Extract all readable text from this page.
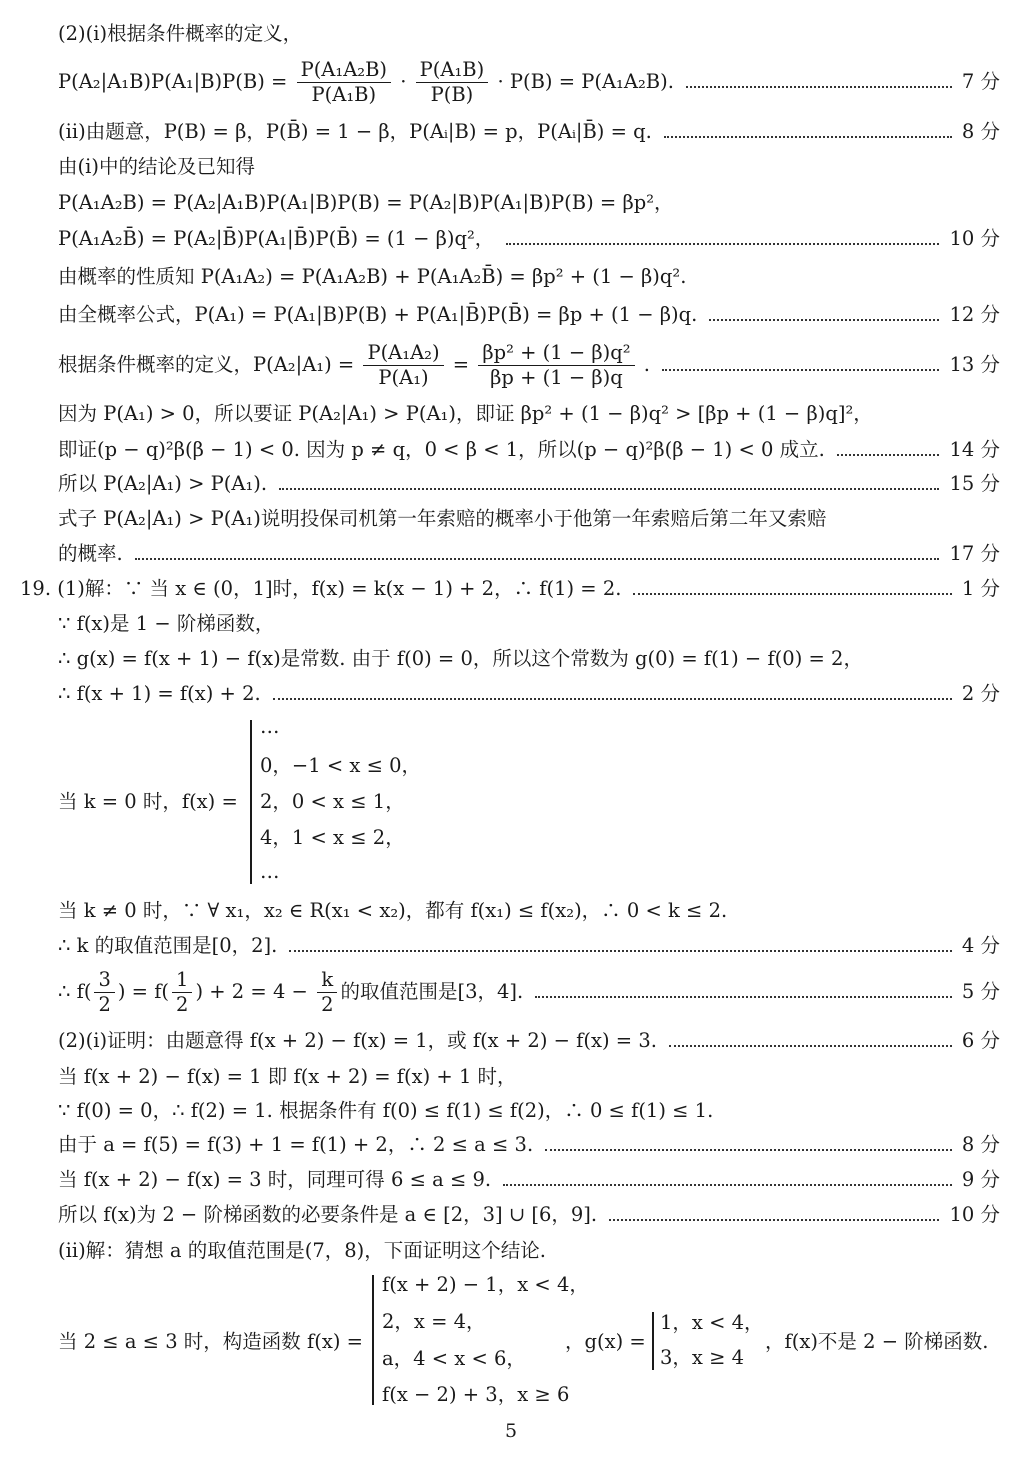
(2)(ⅰ)根据条件概率的定义，
$P(A_2|A_1B)P(A_1|B)P(B) = \frac{\text{P(A₁A₂B)}}{\text{P(A₁B)}} \cdot \frac{\text{P(A₁B)}}{P(B)} \cdot P(B) = P(A_1A_2B)$.	7 分
(ⅱ)由题意，P(B) = β，P(B̄) = 1 − β，P(Aᵢ|B) = p，P(Aᵢ|B̄) = q.	8 分
由(ⅰ)中的结论及已知得
P(A₁A₂B) = P(A₂|A₁B)P(A₁|B)P(B) = P(A₂|B)P(A₁|B)P(B) = βp²，
P(A₁A₂B̄) = P(A₂|B̄)P(A₁|B̄)P(B̄) = (1 − β)q²，	10 分
由概率的性质知 P(A₁A₂) = P(A₁A₂B) + P(A₁A₂B̄) = βp² + (1 − β)q².
由全概率公式，P(A₁) = P(A₁|B)P(B) + P(A₁|B̄)P(B̄) = βp + (1 − β)q.	12 分
根据条件概率的定义，$P(A_2|A_1) = \frac{\text{P(A₁A₂)}}{\text{P(A₁)}} = \frac{\text{βp² + (1 − β)q²}}{\beta p + (1 - \beta)q}$ .	13 分
因为 P(A₁) > 0，所以要证 P(A₂|A₁) > P(A₁)，即证 βp² + (1 − β)q² > [βp + (1 − β)q]²，
即证(p − q)²β(β − 1) < 0. 因为 p ≠ q，0 < β < 1，所以(p − q)²β(β − 1) < 0 成立.	14 分
所以 P(A₂|A₁) > P(A₁).	15 分
式子 P(A₂|A₁) > P(A₁)说明投保司机第一年索赔的概率小于他第一年索赔后第二年又索赔
的概率.	17 分
19. (1)解：∵ 当 x ∈ (0，1]时，f(x) = k(x − 1) + 2，∴ f(1) = 2.	1 分
∵ f(x)是 1 − 阶梯函数，
∴ g(x) = f(x + 1) − f(x)是常数. 由于 f(0) = 0，所以这个常数为 g(0) = f(1) − f(0) = 2，
∴ f(x + 1) = f(x) + 2.	2 分
当 k = 0 时，f(x) =
…
0，−1 < x ≤ 0，
2，0 < x ≤ 1，
4，1 < x ≤ 2，
…
当 k ≠ 0 时，∵ ∀ x₁，x₂ ∈ R(x₁ < x₂)，都有 f(x₁) ≤ f(x₂)，∴ 0 < k ≤ 2.
∴ k 的取值范围是[0，2].	4 分
∴ $f( \frac{3}{2}$ ) = $f( \frac{1}{2}$ ) + $2 = 4 - \frac{k}{2}$ 的取值范围是[3，4].	5 分
(2)(ⅰ)证明：由题意得 f(x + 2) − f(x) = 1，或 f(x + 2) − f(x) = 3.	6 分
当 f(x + 2) − f(x) = 1 即 f(x + 2) = f(x) + 1 时，
∵ f(0) = 0，∴ f(2) = 1. 根据条件有 f(0) ≤ f(1) ≤ f(2)，∴ 0 ≤ f(1) ≤ 1.
由于 a = f(5) = f(3) + 1 = f(1) + 2，∴ 2 ≤ a ≤ 3.	8 分
当 f(x + 2) − f(x) = 3 时，同理可得 6 ≤ a ≤ 9.	9 分
所以 f(x)为 2 − 阶梯函数的必要条件是 a ∈ [2，3] ∪ [6，9].	10 分
(ⅱ)解：猜想 a 的取值范围是(7，8)，下面证明这个结论.
当 2 ≤ a ≤ 3 时，构造函数 f(x) =
f(x + 2) − 1，x < 4，
2，x = 4，
a，4 < x < 6，
f(x − 2) + 3，x ≥ 6
，g(x) =
1，x < 4，
3，x ≥ 4
，f(x)不是 2 − 阶梯函数.
5
